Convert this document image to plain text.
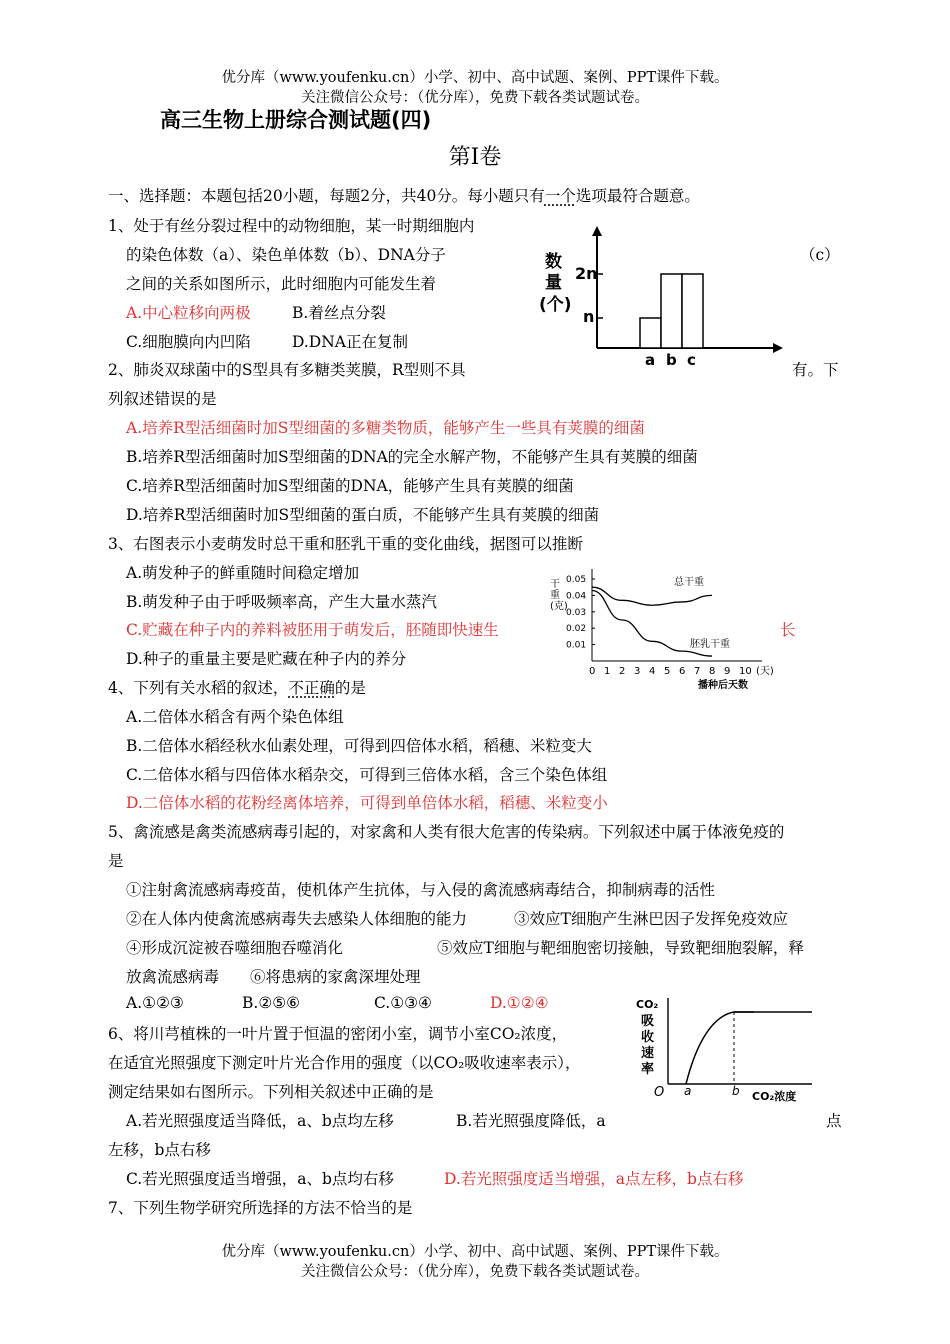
优分库（www.youfenku.cn）小学、初中、高中试题、案例、PPT课件下载。
关注微信公众号：（优分库），免费下载各类试题试卷。
高三生物上册综合测试题(四)
第Ⅰ卷
一、选择题：本题包括20小题，每题2分，共40分。每小题只有一个选项最符合题意。
1、处于有丝分裂过程中的动物细胞，某一时期细胞内
的染色体数（a）、染色单体数（b）、DNA分子	（c）
之间的关系如图所示，此时细胞内可能发生着
A.中心粒移向两极	B.着丝点分裂
C.细胞膜向内凹陷	D.DNA正在复制
数
量
(个)
2n
n
a b c
2、肺炎双球菌中的S型具有多糖类荚膜，R型则不具	有。下
列叙述错误的是
A.培养R型活细菌时加S型细菌的多糖类物质，能够产生一些具有荚膜的细菌
B.培养R型活细菌时加S型细菌的DNA的完全水解产物，不能够产生具有荚膜的细菌
C.培养R型活细菌时加S型细菌的DNA，能够产生具有荚膜的细菌
D.培养R型活细菌时加S型细菌的蛋白质，不能够产生具有荚膜的细菌
3、右图表示小麦萌发时总干重和胚乳干重的变化曲线，据图可以推断
A.萌发种子的鲜重随时间稳定增加
B.萌发种子由于呼吸频率高，产生大量水蒸汽
C.贮藏在种子内的养料被胚用于萌发后，胚随即快速生	长
D.种子的重量主要是贮藏在种子内的养分
干
重
(克)
0.05
0.04
0.03
0.02
0.01
0 1 2 3 4 5 6 7 8 9 10 (天)
播种后天数
总干重
胚乳干重
4、下列有关水稻的叙述，不正确的是
A.二倍体水稻含有两个染色体组
B.二倍体水稻经秋水仙素处理，可得到四倍体水稻，稻穗、米粒变大
C.二倍体水稻与四倍体水稻杂交，可得到三倍体水稻，含三个染色体组
D.二倍体水稻的花粉经离体培养，可得到单倍体水稻，稻穗、米粒变小
5、禽流感是禽类流感病毒引起的，对家禽和人类有很大危害的传染病。下列叙述中属于体液免疫的
是
①注射禽流感病毒疫苗，使机体产生抗体，与入侵的禽流感病毒结合，抑制病毒的活性
②在人体内使禽流感病毒失去感染人体细胞的能力	③效应T细胞产生淋巴因子发挥免疫效应
④形成沉淀被吞噬细胞吞噬消化	⑤效应T细胞与靶细胞密切接触，导致靶细胞裂解，释
放禽流感病毒 ⑥将患病的家禽深埋处理
A.①②③	B.②⑤⑥	C.①③④	D.①②④	CO₂
吸
收
速
率
O a	b CO₂浓度
6、将川芎植株的一叶片置于恒温的密闭小室，调节小室CO₂浓度，
在适宜光照强度下测定叶片光合作用的强度（以CO₂吸收速率表示），
测定结果如右图所示。下列相关叙述中正确的是
A.若光照强度适当降低，a、b点均左移	B.若光照强度降低，a	点
左移，b点右移
C.若光照强度适当增强，a、b点均右移	D.若光照强度适当增强，a点左移，b点右移
7、下列生物学研究所选择的方法不恰当的是
优分库（www.youfenku.cn）小学、初中、高中试题、案例、PPT课件下载。
关注微信公众号：（优分库），免费下载各类试题试卷。
